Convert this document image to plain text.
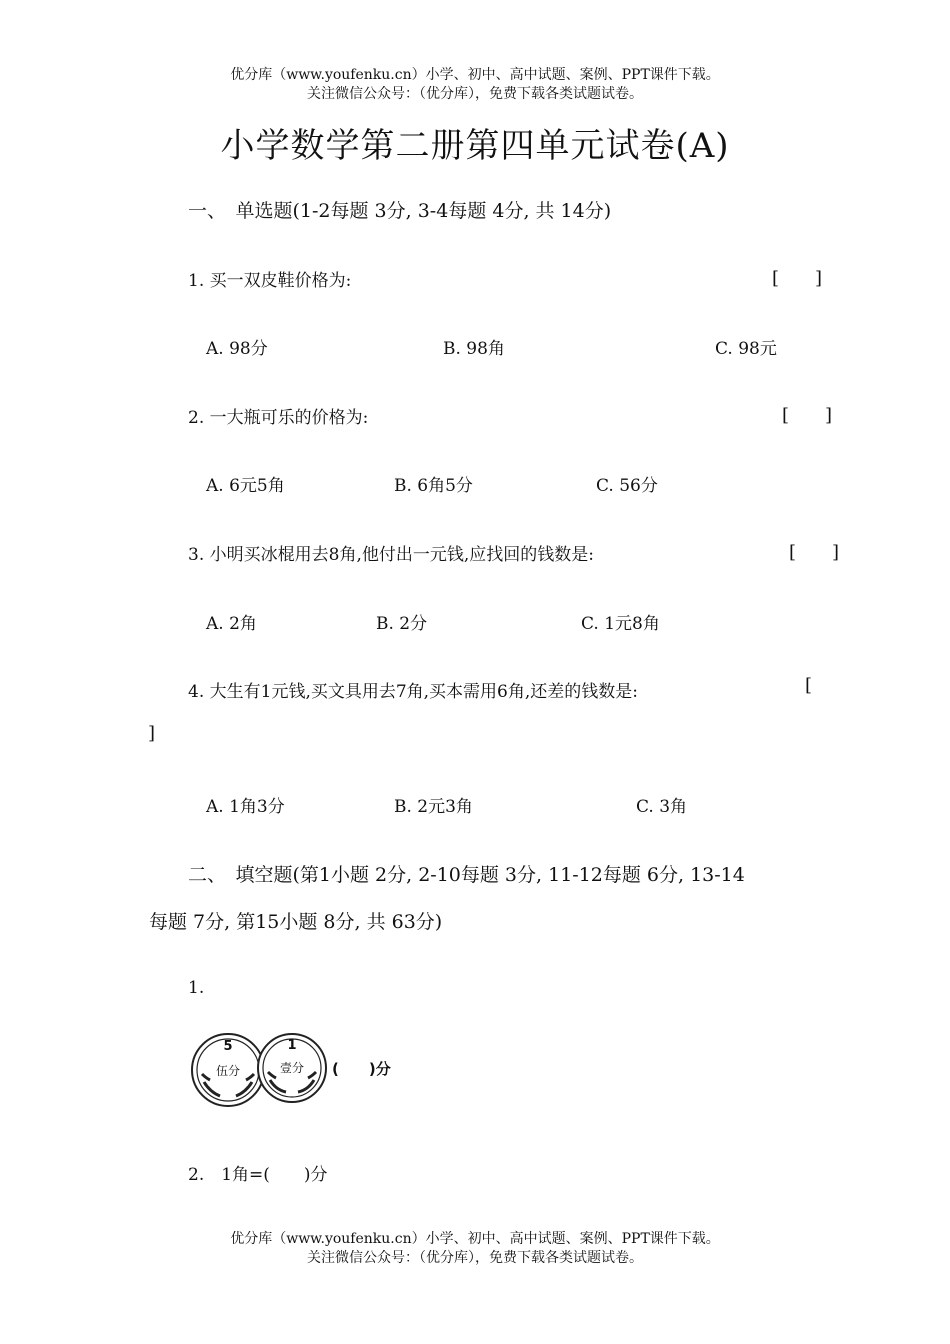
优分库（www.youfenku.cn）小学、初中、高中试题、案例、PPT课件下载。
关注微信公众号：（优分库），免费下载各类试题试卷。
小学数学第二册第四单元试卷(A)
一、　单选题(1-2每题 3分, 3-4每题 4分, 共 14分)
1. 买一双皮鞋价格为:	[　　]
A. 98分	B. 98角	C. 98元
2. 一大瓶可乐的价格为:	[　　]
A. 6元5角	B. 6角5分	C. 56分
3. 小明买冰棍用去8角,他付出一元钱,应找回的钱数是:	[　　]
A. 2角	B. 2分	C. 1元8角
4. 大生有1元钱,买文具用去7角,买本需用6角,还差的钱数是:	[
]
A. 1角3分	B. 2元3角	C. 3角
二、　填空题(第1小题 2分, 2-10每题 3分, 11-12每题 6分, 13-14
每题 7分, 第15小题 8分, 共 63分)
1.
5
伍分
1
壹分 (　　)分
2.　1角=(　　)分
优分库（www.youfenku.cn）小学、初中、高中试题、案例、PPT课件下载。
关注微信公众号：（优分库），免费下载各类试题试卷。
